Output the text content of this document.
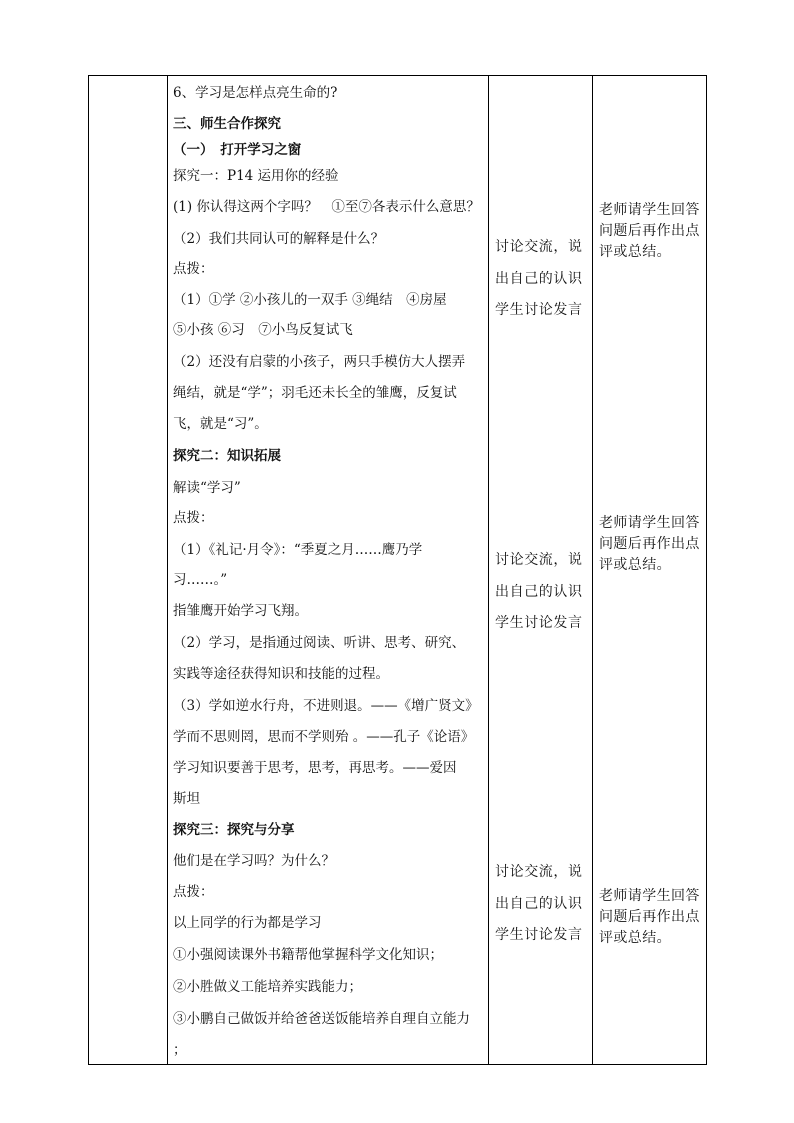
6、学习是怎样点亮生命的?
三、师生合作探究
（一）　打开学习之窗
探究一：P14 运用你的经验
(1) 你认得这两个字吗？　①至⑦各表示什么意思？
（2）我们共同认可的解释是什么？
点拨：
（1）①学 ②小孩儿的一双手 ③绳结　④房屋
⑤小孩 ⑥习　⑦小鸟反复试飞
（2）还没有启蒙的小孩子，两只手模仿大人摆弄
绳结，就是“学”；羽毛还未长全的雏鹰，反复试
飞，就是“习”。
探究二：知识拓展
解读“学习”
点拨：
（1）《礼记·月令》：“季夏之月……鹰乃学
习……。”
指雏鹰开始学习飞翔。
（2）学习，是指通过阅读、听讲、思考、研究、
实践等途径获得知识和技能的过程。
（3）学如逆水行舟，不进则退。——《增广贤文》
学而不思则罔，思而不学则殆 。——孔子《论语》
学习知识要善于思考，思考，再思考。——爱因
斯坦
探究三：探究与分享
他们是在学习吗？为什么？
点拨：
以上同学的行为都是学习
①小强阅读课外书籍帮他掌握科学文化知识；
②小胜做义工能培养实践能力；
③小鹏自己做饭并给爸爸送饭能培养自理自立能力
；
讨论交流，说
出自己的认识
学生讨论发言
讨论交流，说
出自己的认识
学生讨论发言
讨论交流，说
出自己的认识
学生讨论发言
老师请学生回答
问题后再作出点
评或总结。
老师请学生回答
问题后再作出点
评或总结。
老师请学生回答
问题后再作出点
评或总结。
